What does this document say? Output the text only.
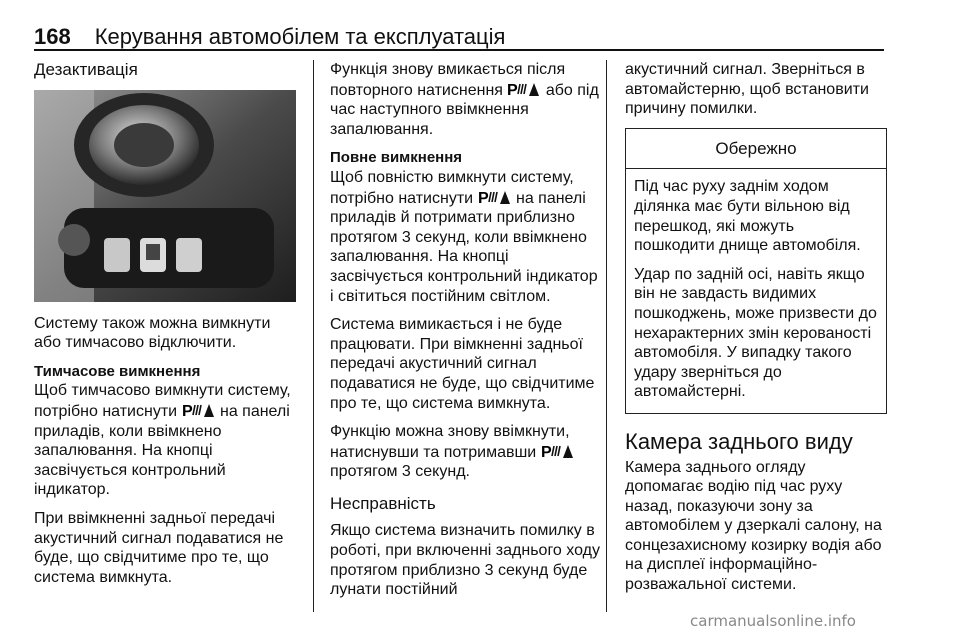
168 Керування автомобілем та експлуатація
Дезактивація

Систему також можна вимкнути або тимчасово відключити.

Тимчасове вимкнення

Щоб тимчасово вимкнути систему, потрібно натиснути P на панелі приладів, коли ввімкнено запалювання. На кнопці засвічується контрольний індикатор.

При ввімкненні задньої передачі акустичний сигнал подаватися не буде, що свідчитиме про те, що система вимкнута.

Функція знову вмикається після повторного натиснення P або під час наступного ввімкнення запалювання.

Повне вимкнення

Щоб повністю вимкнути систему, потрібно натиснути P на панелі приладів й потримати приблизно протягом 3 секунд, коли ввімкнено запалювання. На кнопці засвічується контрольний індикатор і світиться постійним світлом.

Система вимикається і не буде працювати. При вімкненні задньої передачі акустичний сигнал подаватися не буде, що свідчитиме про те, що система вимкнута.

Функцію можна знову ввімкнути, натиснувши та потримавши P
протягом 3 секунд.

Несправність

Якщо система визначить помилку в роботі, при включенні заднього ходу протягом приблизно 3 секунд буде лунати постійний

акустичний сигнал. Зверніться в автомайстерню, щоб встановити причину помилки.

Обережно

Під час руху заднім ходом ділянка має бути вільною від перешкод, які можуть пошкодити днище автомобіля.

Удар по задній осі, навіть якщо він не завдасть видимих пошкоджень, може призвести до нехарактерних змін керованості автомобіля. У випадку такого удару зверніться до автомайстерні.

Камера заднього виду

Камера заднього огляду допомагає водію під час руху назад, показуючи зону за автомобілем у дзеркалі салону, на сонцезахисному козирку водія або на дисплеї інформаційно-розважальної системи.

carmanualsonline.info
